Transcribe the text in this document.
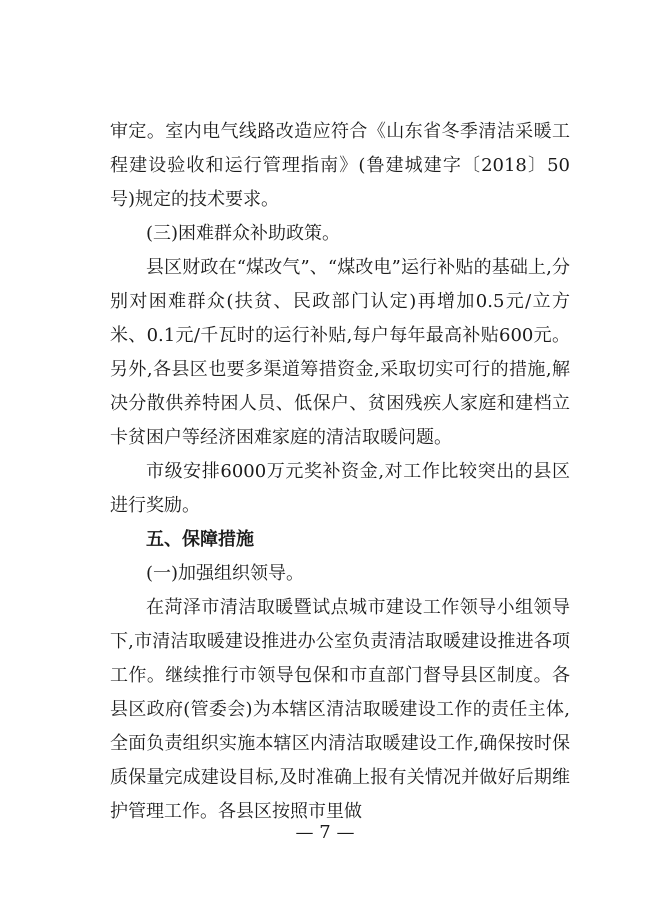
审定。室内电气线路改造应符合《山东省冬季清洁采暖工程建设验收和运行管理指南》(鲁建城建字〔2018〕50号)规定的技术要求。

(三)困难群众补助政策。

县区财政在“煤改气”、“煤改电”运行补贴的基础上,分别对困难群众(扶贫、民政部门认定)再增加0.5元/立方米、0.1元/千瓦时的运行补贴,每户每年最高补贴600元。另外,各县区也要多渠道筹措资金,采取切实可行的措施,解决分散供养特困人员、低保户、贫困残疾人家庭和建档立卡贫困户等经济困难家庭的清洁取暖问题。

市级安排6000万元奖补资金,对工作比较突出的县区进行奖励。

五、保障措施

(一)加强组织领导。

在菏泽市清洁取暖暨试点城市建设工作领导小组领导下,市清洁取暖建设推进办公室负责清洁取暖建设推进各项工作。继续推行市领导包保和市直部门督导县区制度。各县区政府(管委会)为本辖区清洁取暖建设工作的责任主体,全面负责组织实施本辖区内清洁取暖建设工作,确保按时保质保量完成建设目标,及时准确上报有关情况并做好后期维护管理工作。各县区按照市里做

— 7 —
